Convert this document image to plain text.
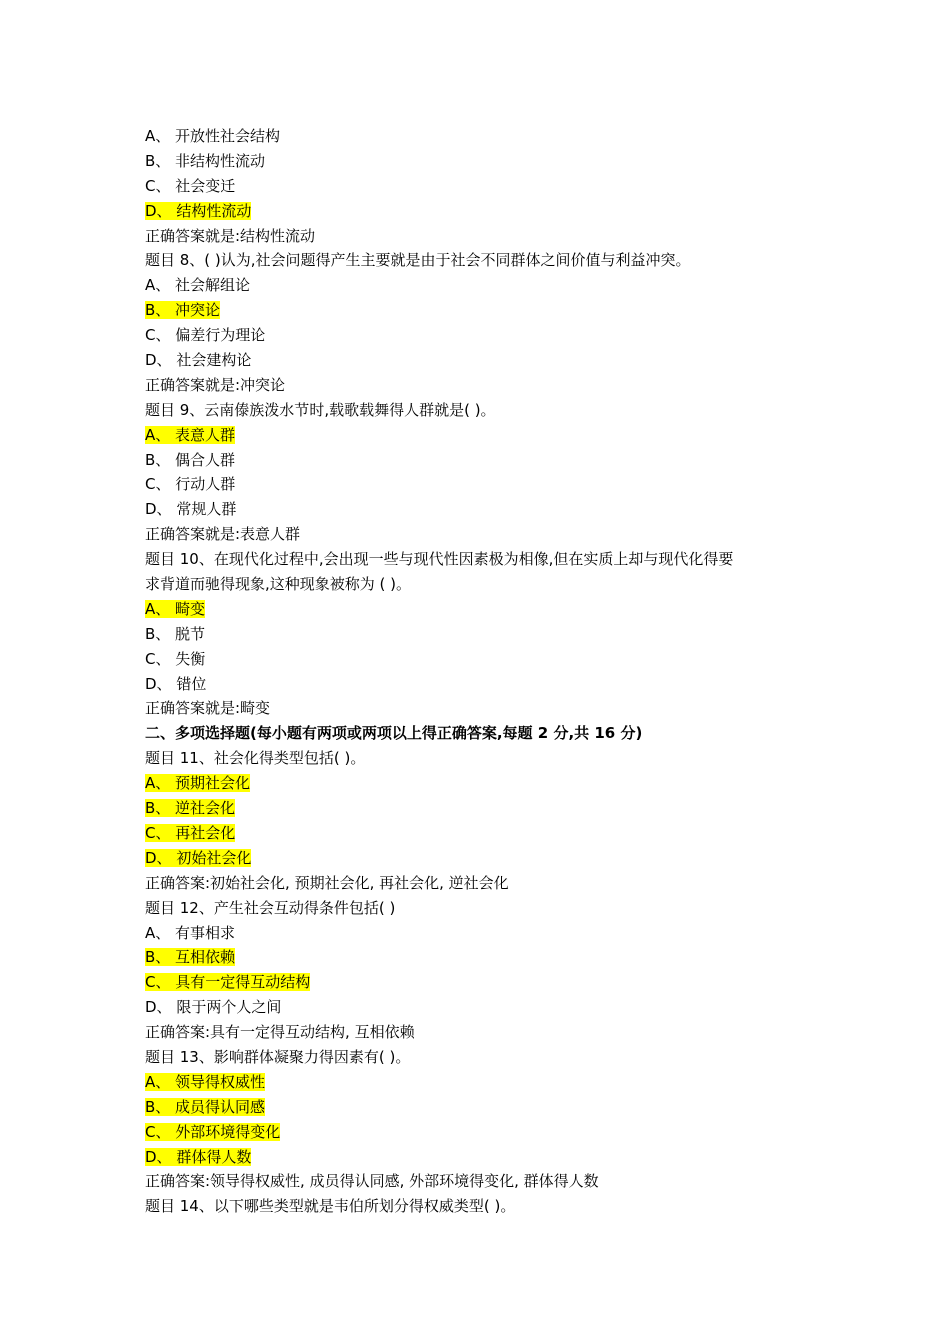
A、 开放性社会结构
B、 非结构性流动
C、 社会变迁
D、 结构性流动
正确答案就是:结构性流动
题目 8、( )认为,社会问题得产生主要就是由于社会不同群体之间价值与利益冲突。
A、 社会解组论
B、 冲突论
C、 偏差行为理论
D、 社会建构论
正确答案就是:冲突论
题目 9、云南傣族泼水节时,载歌载舞得人群就是( )。
A、 表意人群
B、 偶合人群
C、 行动人群
D、 常规人群
正确答案就是:表意人群
题目 10、在现代化过程中,会出现一些与现代性因素极为相像,但在实质上却与现代化得要
求背道而驰得现象,这种现象被称为 ( )。
A、 畸变
B、 脱节
C、 失衡
D、 错位
正确答案就是:畸变
二、多项选择题(每小题有两项或两项以上得正确答案,每题 2 分,共 16 分)
题目 11、社会化得类型包括( )。
A、 预期社会化
B、 逆社会化
C、 再社会化
D、 初始社会化
正确答案:初始社会化, 预期社会化, 再社会化, 逆社会化
题目 12、产生社会互动得条件包括( )
A、 有事相求
B、 互相依赖
C、 具有一定得互动结构
D、 限于两个人之间
正确答案:具有一定得互动结构, 互相依赖
题目 13、影响群体凝聚力得因素有( )。
A、 领导得权威性
B、 成员得认同感
C、 外部环境得变化
D、 群体得人数
正确答案:领导得权威性, 成员得认同感, 外部环境得变化, 群体得人数
题目 14、以下哪些类型就是韦伯所划分得权威类型( )。
